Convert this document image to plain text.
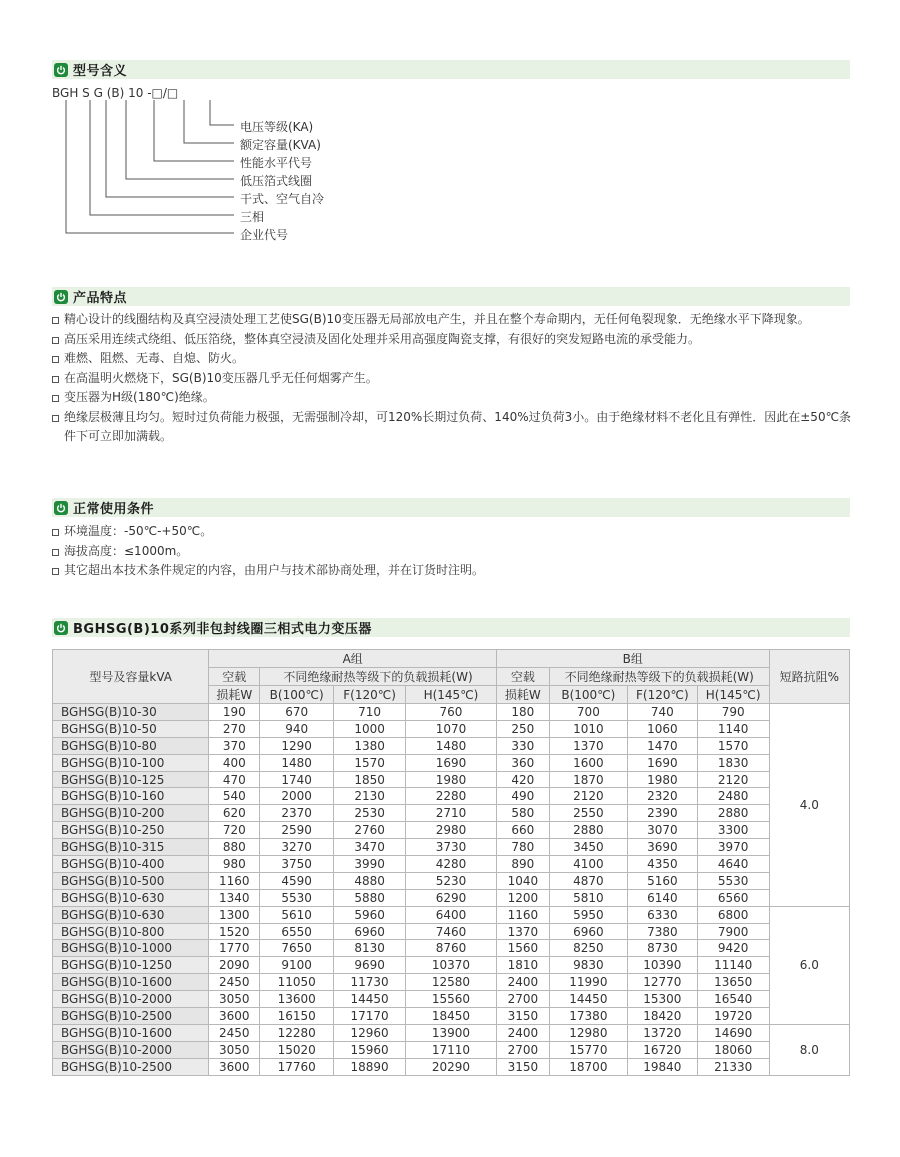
型号含义
BGH S G (B) 10 -□/□
电压等级(KA)
额定容量(KVA)
性能水平代号
低压箔式线圈
干式、空气自冷
三相
企业代号
产品特点
精心设计的线圈结构及真空浸渍处理工艺使SG(B)10变压器无局部放电产生，并且在整个寿命期内，无任何龟裂现象．无绝缘水平下降现象。
高压采用连续式绕组、低压箔绕，整体真空浸渍及固化处理并采用高强度陶瓷支撑，有很好的突发短路电流的承受能力。
难燃、阻燃、无毒、自熄、防火。
在高温明火燃烧下，SG(B)10变压器几乎无任何烟雾产生。
变压器为H级(180℃)绝缘。
绝缘层极薄且均匀。短时过负荷能力极强，无需强制冷却，可120%长期过负荷、140%过负荷3小。由于绝缘材料不老化且有弹性．因此在±50℃条件下可立即加满载。
正常使用条件
环境温度：-50℃-+50℃。
海拔高度：≤1000m。
其它超出本技术条件规定的内容，由用户与技术部协商处理，并在订货时注明。
BGHSG(B)10系列非包封线圈三相式电力变压器
型号及容量kVA	A组				B组				短路抗阻%
	空载	不同绝缘耐热等级下的负载损耗(W)			空载	不同绝缘耐热等级下的负载损耗(W)			
	损耗W	B(100℃)	F(120℃)	H(145℃)	损耗W	B(100℃)	F(120℃)	H(145℃)	
BGHSG(B)10-30	190	670	710	760	180	700	740	790	4.0
BGHSG(B)10-50	270	940	1000	1070	250	1010	1060	1140	
BGHSG(B)10-80	370	1290	1380	1480	330	1370	1470	1570	
BGHSG(B)10-100	400	1480	1570	1690	360	1600	1690	1830	
BGHSG(B)10-125	470	1740	1850	1980	420	1870	1980	2120	
BGHSG(B)10-160	540	2000	2130	2280	490	2120	2320	2480	
BGHSG(B)10-200	620	2370	2530	2710	580	2550	2390	2880	
BGHSG(B)10-250	720	2590	2760	2980	660	2880	3070	3300	
BGHSG(B)10-315	880	3270	3470	3730	780	3450	3690	3970	
BGHSG(B)10-400	980	3750	3990	4280	890	4100	4350	4640	
BGHSG(B)10-500	1160	4590	4880	5230	1040	4870	5160	5530	
BGHSG(B)10-630	1340	5530	5880	6290	1200	5810	6140	6560	
BGHSG(B)10-630	1300	5610	5960	6400	1160	5950	6330	6800	6.0
BGHSG(B)10-800	1520	6550	6960	7460	1370	6960	7380	7900	
BGHSG(B)10-1000	1770	7650	8130	8760	1560	8250	8730	9420	
BGHSG(B)10-1250	2090	9100	9690	10370	1810	9830	10390	11140	
BGHSG(B)10-1600	2450	11050	11730	12580	2400	11990	12770	13650	
BGHSG(B)10-2000	3050	13600	14450	15560	2700	14450	15300	16540	
BGHSG(B)10-2500	3600	16150	17170	18450	3150	17380	18420	19720	
BGHSG(B)10-1600	2450	12280	12960	13900	2400	12980	13720	14690	8.0
BGHSG(B)10-2000	3050	15020	15960	17110	2700	15770	16720	18060	
BGHSG(B)10-2500	3600	17760	18890	20290	3150	18700	19840	21330	
